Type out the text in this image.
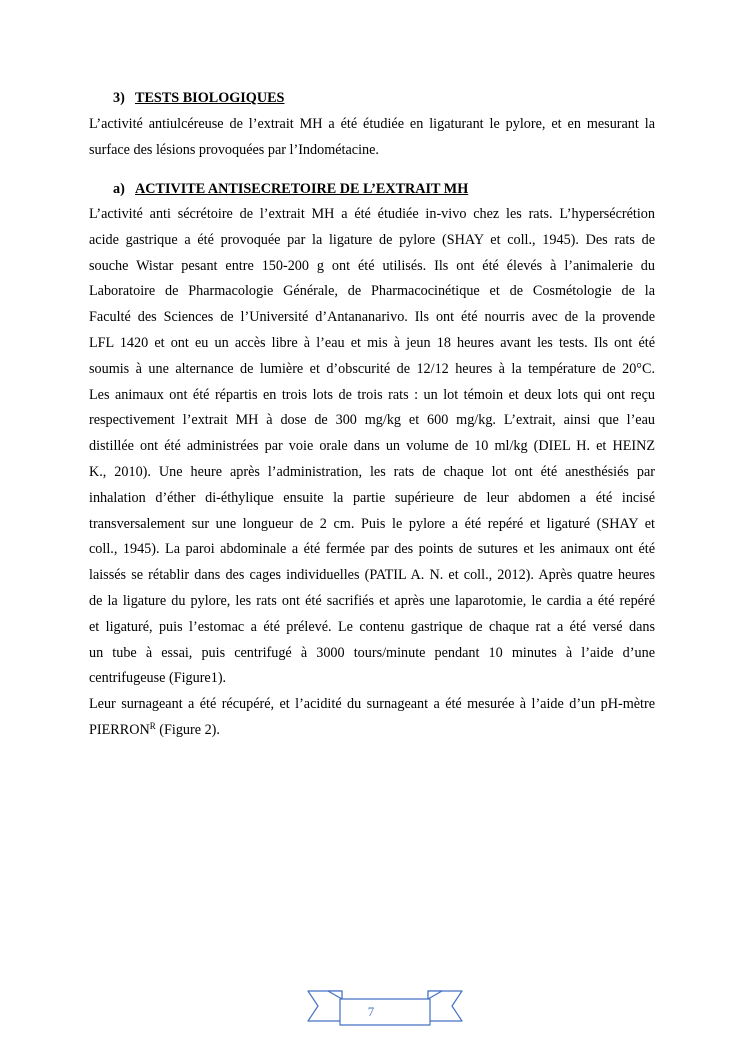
3) TESTS BIOLOGIQUES
L’activité antiulcéreuse de l’extrait MH a été étudiée en ligaturant le pylore, et en mesurant la
surface des lésions provoquées par l’Indométacine.
a) ACTIVITE ANTISECRETOIRE DE L’EXTRAIT MH
L’activité anti sécrétoire de l’extrait MH a été étudiée in-vivo chez les rats. L’hypersécrétion
acide gastrique a été provoquée par la ligature de pylore (SHAY et coll., 1945). Des rats de
souche Wistar pesant entre 150-200 g ont été utilisés. Ils ont été élevés à l’animalerie du
Laboratoire de Pharmacologie Générale, de Pharmacocinétique et de Cosmétologie de la
Faculté des Sciences de l’Université d’Antananarivo. Ils ont été nourris avec de la provende
LFL 1420 et ont eu un accès libre à l’eau et mis à jeun 18 heures avant les tests. Ils ont été
soumis à une alternance de lumière et d’obscurité de 12/12 heures à la température de 20°C.
Les animaux ont été répartis en trois lots de trois rats : un lot témoin et deux lots qui ont reçu
respectivement l’extrait MH à dose de 300 mg/kg et 600 mg/kg. L’extrait, ainsi que l’eau
distillée ont été administrées par voie orale dans un volume de 10 ml/kg (DIEL H. et HEINZ
K., 2010). Une heure après l’administration, les rats de chaque lot ont été anesthésiés par
inhalation d’éther di-éthylique ensuite la partie supérieure de leur abdomen a été incisé
transversalement sur une longueur de 2 cm. Puis le pylore a été repéré et ligaturé (SHAY et
coll., 1945). La paroi abdominale a été fermée par des points de sutures et les animaux ont été
laissés se rétablir dans des cages individuelles (PATIL A. N. et coll., 2012). Après quatre heures
de la ligature du pylore, les rats ont été sacrifiés et après une laparotomie, le cardia a été repéré
et ligaturé, puis l’estomac a été prélevé. Le contenu gastrique de chaque rat a été versé dans
un tube à essai, puis centrifugé à 3000 tours/minute pendant 10 minutes à l’aide d’une
centrifugeuse (Figure1).
Leur surnageant a été récupéré, et l’acidité du surnageant a été mesurée à l’aide d’un pH-mètre
$PIERRON^R$ (Figure 2).
7
